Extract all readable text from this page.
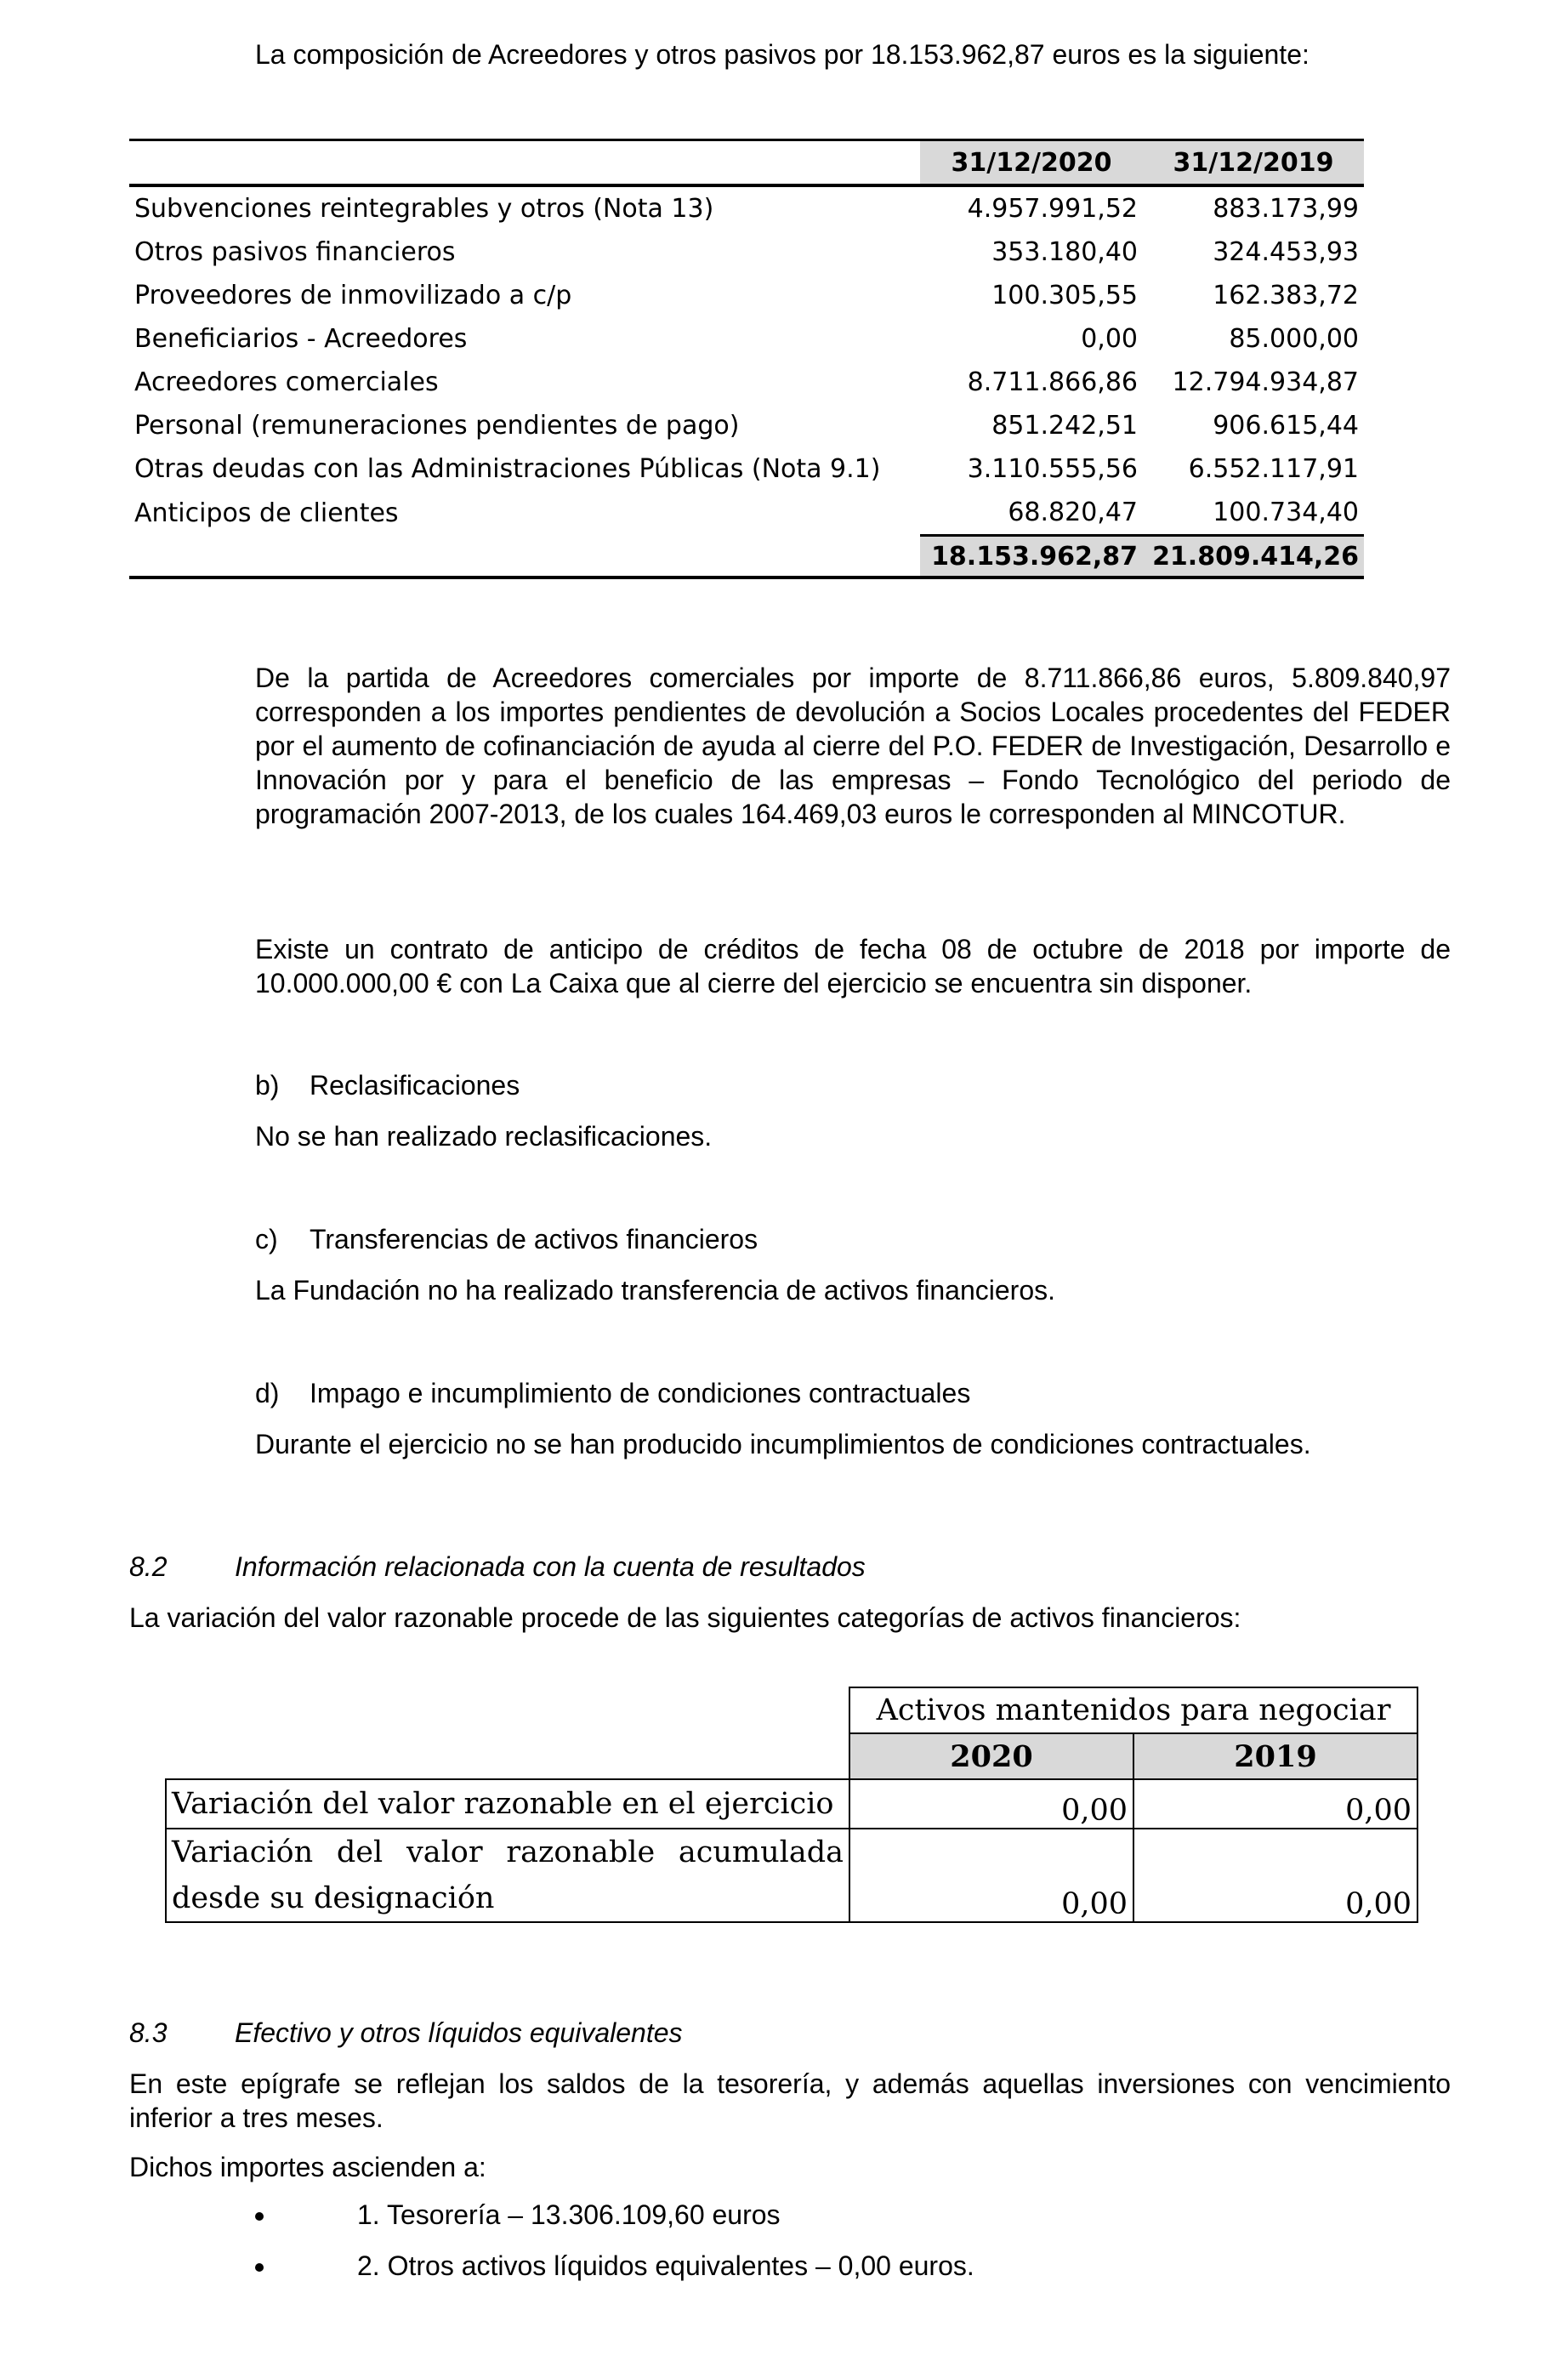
La composición de Acreedores y otros pasivos por 18.153.962,87 euros es la siguiente:
	31/12/2020	31/12/2019
Subvenciones reintegrables y otros (Nota 13)	4.957.991,52	883.173,99
Otros pasivos financieros	353.180,40	324.453,93
Proveedores de inmovilizado a c/p	100.305,55	162.383,72
Beneficiarios - Acreedores	0,00	85.000,00
Acreedores comerciales	8.711.866,86	12.794.934,87
Personal (remuneraciones pendientes de pago)	851.242,51	906.615,44
Otras deudas con las Administraciones Públicas (Nota 9.1)	3.110.555,56	6.552.117,91
Anticipos de clientes	68.820,47	100.734,40
	18.153.962,87	21.809.414,26
De la partida de Acreedores comerciales por importe de 8.711.866,86 euros, 5.809.840,97 corresponden a los importes pendientes de devolución a Socios Locales procedentes del FEDER por el aumento de cofinanciación de ayuda al cierre del P.O. FEDER de Investigación, Desarrollo e Innovación por y para el beneficio de las empresas – Fondo Tecnológico del periodo de programación 2007-2013, de los cuales 164.469,03 euros le corresponden al MINCOTUR.
Existe un contrato de anticipo de créditos de fecha 08 de octubre de 2018 por importe de 10.000.000,00 € con La Caixa que al cierre del ejercicio se encuentra sin disponer.
b) Reclasificaciones
No se han realizado reclasificaciones.
c) Transferencias de activos financieros
La Fundación no ha realizado transferencia de activos financieros.
d) Impago e incumplimiento de condiciones contractuales
Durante el ejercicio no se han producido incumplimientos de condiciones contractuales.
8.2 Información relacionada con la cuenta de resultados
La variación del valor razonable procede de las siguientes categorías de activos financieros:
	Activos mantenidos para negociar	
	2020	2019
Variación del valor razonable en el ejercicio	0,00	0,00

Variación del valor razonable acumulada
desde su designación	0,00	0,00
8.3 Efectivo y otros líquidos equivalentes
En este epígrafe se reflejan los saldos de la tesorería, y además aquellas inversiones con vencimiento inferior a tres meses.
Dichos importes ascienden a:
1. Tesorería – 13.306.109,60 euros
2. Otros activos líquidos equivalentes – 0,00 euros.
